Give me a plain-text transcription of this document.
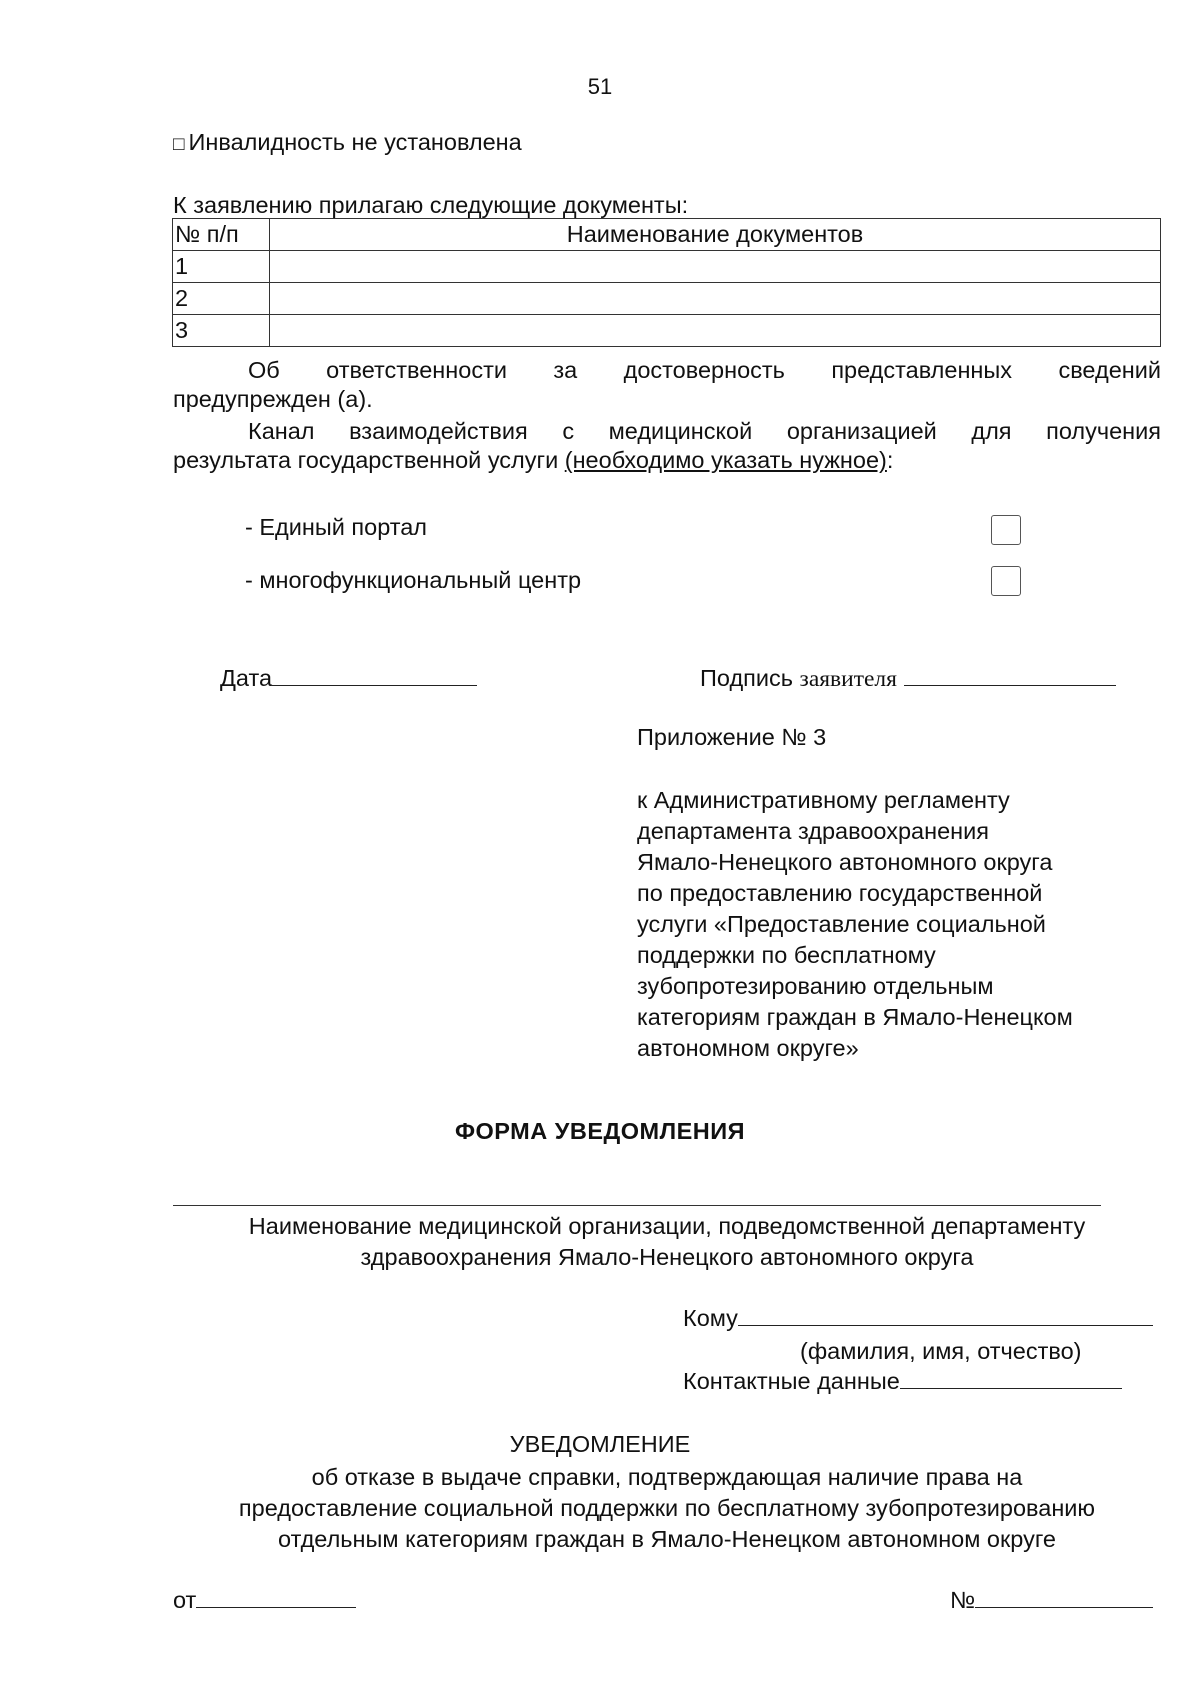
51
□ Инвалидность не установлена
К заявлению прилагаю следующие документы:
№ п/п	Наименование документов
1	
2	
3	
Об ответственности за достоверность представленных сведений
предупрежден (а).
Канал взаимодействия с медицинской организацией для получения
результата государственной услуги (необходимо указать нужное):
- Единый портал
- многофункциональный центр
Дата	Подпись заявителя
Приложение № 3
к Административному регламенту
департамента здравоохранения
Ямало-Ненецкого автономного округа
по предоставлению государственной
услуги «Предоставление социальной
поддержки по бесплатному
зубопротезированию отдельным
категориям граждан в Ямало-Ненецком
автономном округе»
ФОРМА УВЕДОМЛЕНИЯ
Наименование медицинской организации, подведомственной департаменту
здравоохранения Ямало-Ненецкого автономного округа
Кому
(фамилия, имя, отчество)
Контактные данные
УВЕДОМЛЕНИЕ
об отказе в выдаче справки, подтверждающая наличие права на
предоставление социальной поддержки по бесплатному зубопротезированию
отдельным категориям граждан в Ямало-Ненецком автономном округе
от	№
